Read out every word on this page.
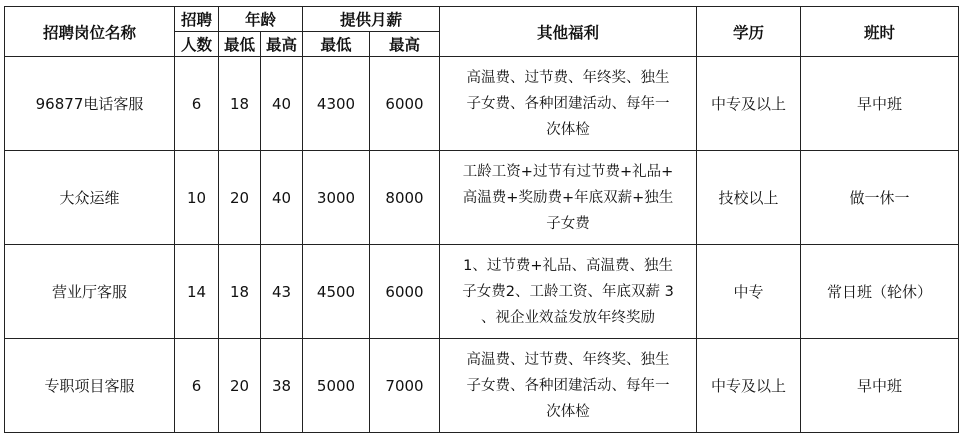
招聘岗位名称	招聘	年龄		提供月薪		其他福利	学历	班时
	人数	最低	最高	最低	最高			
96877电话客服	6	18	40	4300	6000	高温费、过节费、年终奖、独生
子女费、各种团建活动、每年一
次体检	中专及以上	早中班
大众运维	10	20	40	3000	8000	工龄工资+过节有过节费+礼品+
高温费+奖励费+年底双薪+独生
子女费	技校以上	做一休一
营业厅客服	14	18	43	4500	6000	1、过节费+礼品、高温费、独生
子女费2、工龄工资、年底双薪 3
、视企业效益发放年终奖励	中专	常日班（轮休）
专职项目客服	6	20	38	5000	7000	高温费、过节费、年终奖、独生
子女费、各种团建活动、每年一
次体检	中专及以上	早中班
